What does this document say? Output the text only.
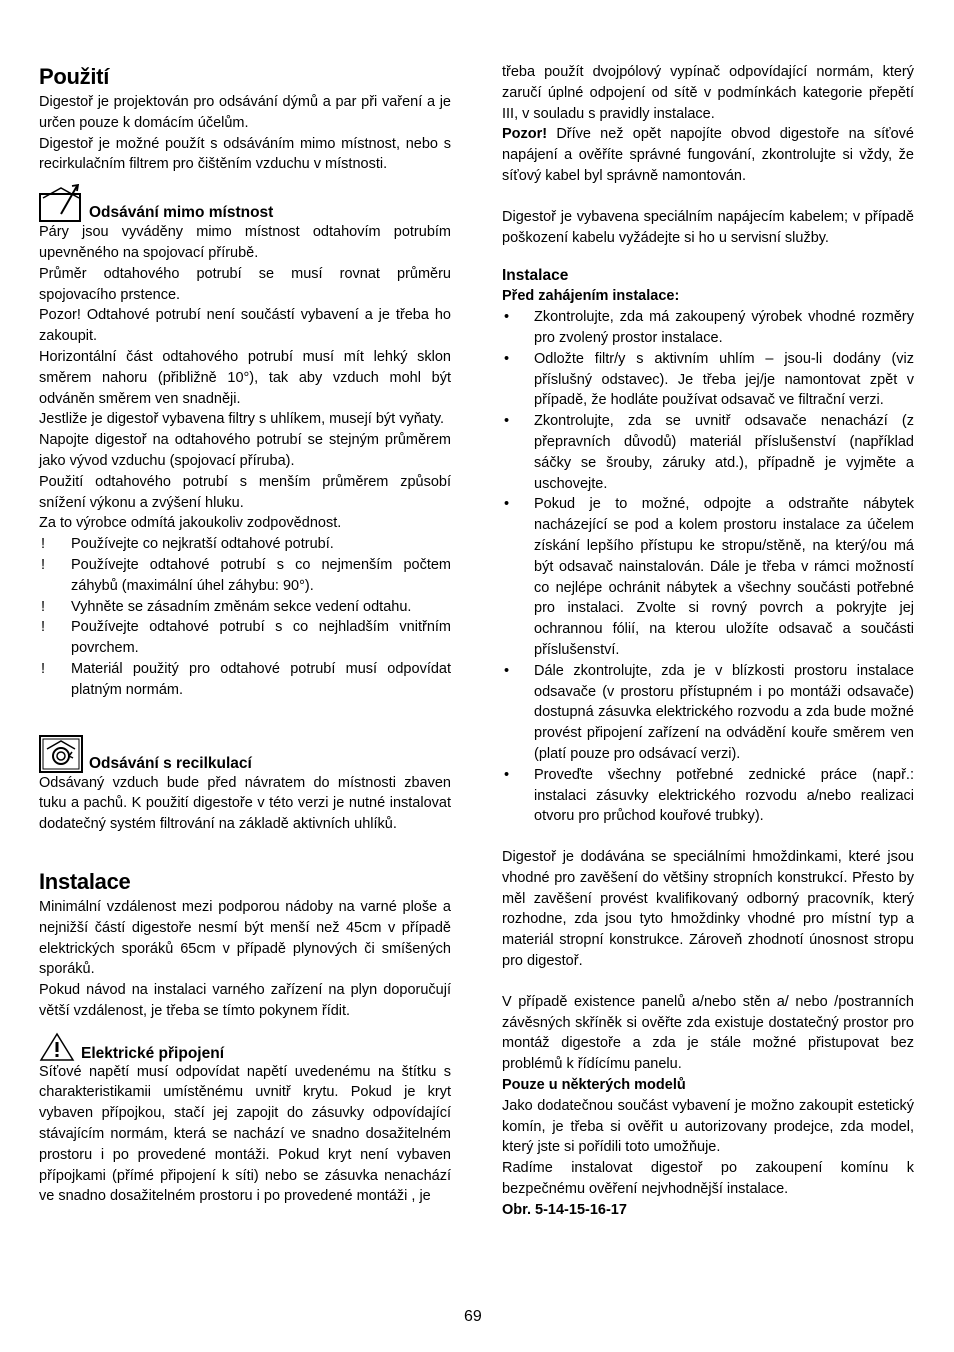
Použití

Digestoř je projektován pro odsávání dýmů a par při vaření a je určen pouze k domácím účelům.

Digestoř je možné použít s odsáváním mimo místnost, nebo s recirkulačním filtrem pro čištěním vzduchu v místnosti.

Odsávání mimo místnost

Páry jsou vyváděny mimo místnost odtahovím potrubím upevněného na spojovací přírubě.

Průměr odtahového potrubí se musí rovnat průměru spojovacího prstence.

Pozor! Odtahové potrubí není součástí vybavení a je třeba ho zakoupit.

Horizontální část odtahového potrubí musí mít lehký sklon směrem nahoru (přibližně 10°), tak aby vzduch mohl být odváněn směrem ven snadněji.

Jestliže je digestoř vybavena filtry s uhlíkem, musejí být vyňaty.

Napojte digestoř na odtahového potrubí se stejným průměrem jako vývod vzduchu (spojovací příruba).

Použití odtahového potrubí s menším průměrem způsobí snížení výkonu a zvýšení hluku.

Za to výrobce odmítá jakoukoliv zodpovědnost.

! Používejte co nejkratší odtahové potrubí.
! Používejte odtahové potrubí s co nejmenším počtem záhybů (maximální úhel záhybu: 90°).
! Vyhněte se zásadním změnám sekce vedení odtahu.
! Používejte odtahové potrubí s co nejhladším vnitřním povrchem.
! Materiál použitý pro odtahové potrubí musí odpovídat platným normám.
Odsávání s recilkulací

Odsávaný vzduch bude před návratem do místnosti zbaven tuku a pachů. K použití digestoře v této verzi je nutné instalovat dodatečný systém filtrování na základě aktivních uhlíků.

Instalace

Minimální vzdálenost mezi podporou nádoby na varné ploše a nejnižší částí digestoře nesmí být menší než 45cm v případě elektrických sporáků 65cm v případě plynových či smíšených sporáků.

Pokud návod na instalaci varného zařízení na plyn doporučují větší vzdálenost, je třeba se tímto pokynem řídit.

Elektrické připojení

Síťové napětí musí odpovídat napětí uvedenému na štítku s charakteristikamii umístěnému uvnitř krytu. Pokud je kryt vybaven přípojkou, stačí jej zapojit do zásuvky odpovídající stávajícím normám, která se nachází ve snadno dosažitelném prostoru i po provedené montáži. Pokud kryt není vybaven přípojkami (přímé připojení k síti) nebo se zásuvka nenachází ve snadno dosažitelném prostoru i po provedené montáži , je

třeba použít dvojpólový vypínač odpovídající normám, který zaručí úplné odpojení od sítě v podmínkách kategorie přepětí III, v souladu s pravidly instalace.

Pozor! Dříve než opět napojíte obvod digestoře na síťové napájení a ověříte správné fungování, zkontrolujte si vždy, že síťový kabel byl správně namontován.

Digestoř je vybavena speciálním napájecím kabelem; v případě poškození kabelu vyžádejte si ho u servisní služby.

Instalace

Před zahájením instalace:

• Zkontrolujte, zda má zakoupený výrobek vhodné rozměry pro zvolený prostor instalace.
• Odložte filtr/y s aktivním uhlím – jsou-li dodány (viz příslušný odstavec). Je třeba jej/je namontovat zpět v případě, že hodláte používat odsavač ve filtrační verzi.
• Zkontrolujte, zda se uvnitř odsavače nenachází (z přepravních důvodů) materiál příslušenství (například sáčky se šrouby, záruky atd.), případně je vyjměte a uschovejte.
• Pokud je to možné, odpojte a odstraňte nábytek nacházející se pod a kolem prostoru instalace za účelem získání lepšího přístupu ke stropu/stěně, na který/ou má být odsavač nainstalován. Dále je třeba v rámci možností co nejlépe ochránit nábytek a všechny součásti potřebné pro instalaci. Zvolte si rovný povrch a pokryjte jej ochrannou fólií, na kterou uložíte odsavač a součásti příslušenství.
• Dále zkontrolujte, zda je v blízkosti prostoru instalace odsavače (v prostoru přístupném i po montáži odsavače) dostupná zásuvka elektrického rozvodu a zda bude možné provést připojení zařízení na odvádění kouře směrem ven (platí pouze pro odsávací verzi).
• Proveďte všechny potřebné zednické práce (např.: instalaci zásuvky elektrického rozvodu a/nebo realizaci otvoru pro průchod kouřové trubky).

Digestoř je dodávána se speciálními hmoždinkami, které jsou vhodné pro zavěšení do většiny stropních konstrukcí. Přesto by měl zavěšení provést kvalifikovaný odborný pracovník, který rozhodne, zda jsou tyto hmoždinky vhodné pro místní typ a materiál stropní konstrukce. Zároveň zhodnotí únosnost stropu pro digestoř.

V případě existence panelů a/nebo stěn a/ nebo /postranních závěsných skříněk si ověřte zda existuje dostatečný prostor pro montáž digestoře a zda je stále možné přistupovat bez problémů k řídícímu panelu.

Pouze u některých modelů

Jako dodatečnou součást vybavení je možno zakoupit estetický komín, je třeba si ověřit u autorizovany prodejce, zda model, který jste si pořídili toto umožňuje.

Radíme instalovat digestoř po zakoupení komínu k bezpečnému ověření nejvhodnější instalace.

Obr. 5-14-15-16-17

69
